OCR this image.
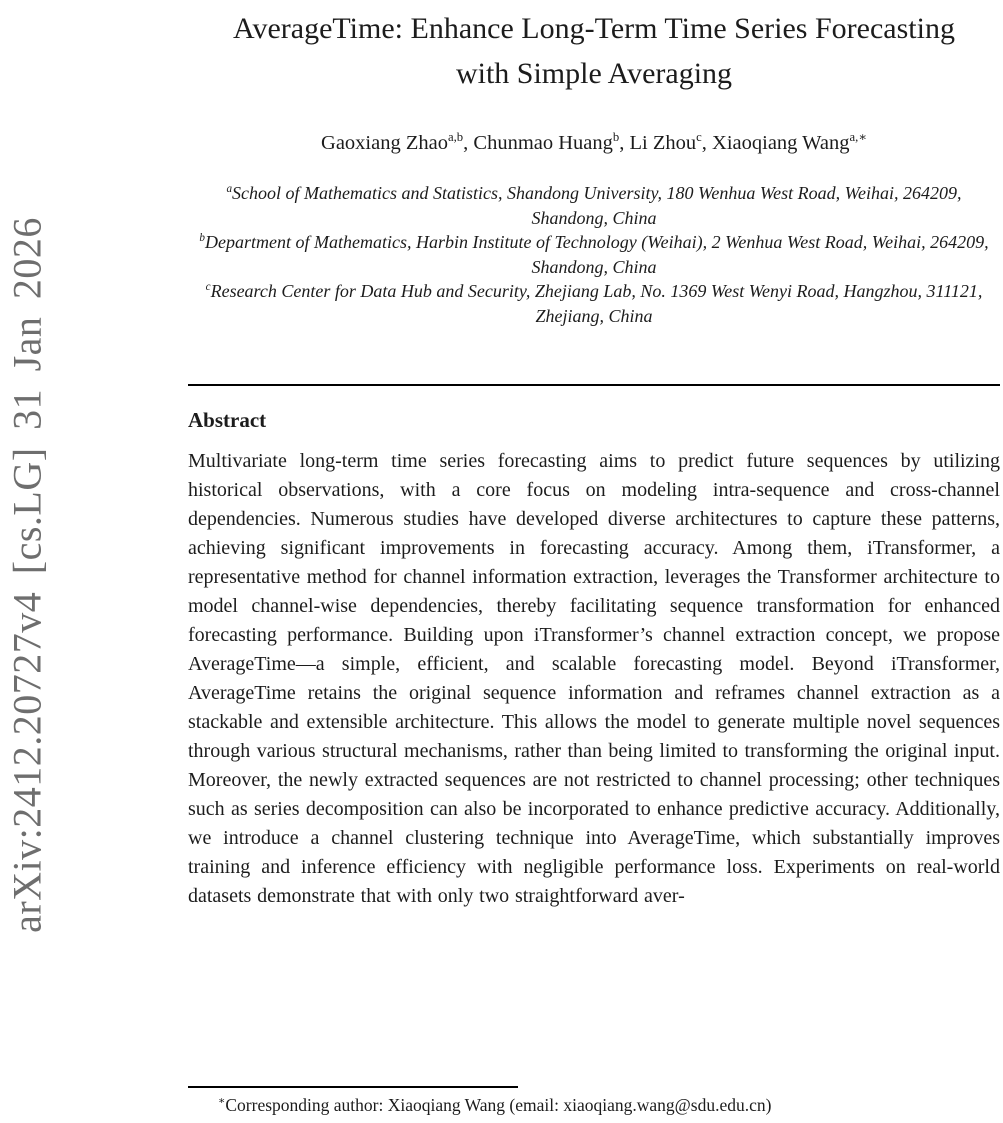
arXiv:2412.20727v4 [cs.LG] 31 Jan 2026
AverageTime: Enhance Long-Term Time Series Forecasting with Simple Averaging
Gaoxiang Zhao$^{a,b}$, Chunmao Huang$^b$, Li Zhou$^c$, Xiaoqiang Wang$^{a,∗}$
$^a$School of Mathematics and Statistics, Shandong University, 180 Wenhua West Road, Weihai, 264209, Shandong, China
$^b$Department of Mathematics, Harbin Institute of Technology (Weihai), 2 Wenhua West Road, Weihai, 264209, Shandong, China
$^c$Research Center for Data Hub and Security, Zhejiang Lab, No. 1369 West Wenyi Road, Hangzhou, 311121, Zhejiang, China
Abstract

Multivariate long-term time series forecasting aims to predict future sequences by utilizing historical observations, with a core focus on modeling intra-sequence and cross-channel dependencies. Numerous studies have developed diverse architectures to capture these patterns, achieving significant improvements in forecasting accuracy. Among them, iTransformer, a representative method for channel information extraction, leverages the Transformer architecture to model channel-wise dependencies, thereby facilitating sequence transformation for enhanced forecasting performance. Building upon iTransformer’s channel extraction concept, we propose AverageTime—a simple, efficient, and scalable forecasting model. Beyond iTransformer, AverageTime retains the original sequence information and reframes channel extraction as a stackable and extensible architecture. This allows the model to generate multiple novel sequences through various structural mechanisms, rather than being limited to transforming the original input. Moreover, the newly extracted sequences are not restricted to channel processing; other techniques such as series decomposition can also be incorporated to enhance predictive accuracy. Additionally, we introduce a channel clustering technique into AverageTime, which substantially improves training and inference efficiency with negligible performance loss. Experiments on real-world datasets demonstrate that with only two straightforward aver-

∗Corresponding author: Xiaoqiang Wang (email: xiaoqiang.wang@sdu.edu.cn)
